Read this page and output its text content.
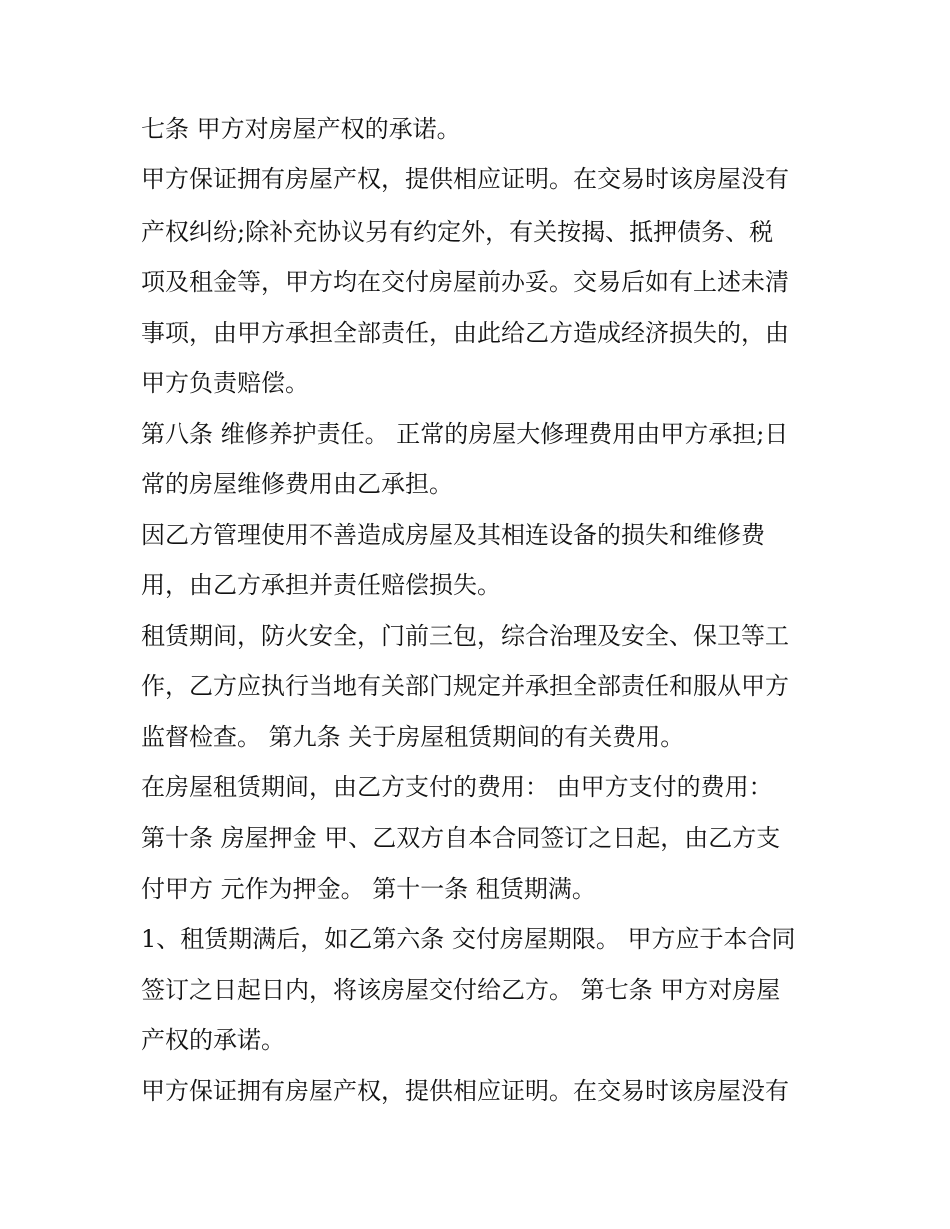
七条 甲方对房屋产权的承诺。
甲方保证拥有房屋产权，提供相应证明。在交易时该房屋没有
产权纠纷;除补充协议另有约定外，有关按揭、抵押债务、税
项及租金等，甲方均在交付房屋前办妥。交易后如有上述未清
事项，由甲方承担全部责任，由此给乙方造成经济损失的，由
甲方负责赔偿。
第八条 维修养护责任。 正常的房屋大修理费用由甲方承担;日
常的房屋维修费用由乙承担。
因乙方管理使用不善造成房屋及其相连设备的损失和维修费
用，由乙方承担并责任赔偿损失。
租赁期间，防火安全，门前三包，综合治理及安全、保卫等工
作，乙方应执行当地有关部门规定并承担全部责任和服从甲方
监督检查。 第九条 关于房屋租赁期间的有关费用。
在房屋租赁期间，由乙方支付的费用： 由甲方支付的费用：
第十条 房屋押金 甲、乙双方自本合同签订之日起，由乙方支
付甲方 元作为押金。 第十一条 租赁期满。
1、租赁期满后，如乙第六条 交付房屋期限。 甲方应于本合同
签订之日起日内，将该房屋交付给乙方。 第七条 甲方对房屋
产权的承诺。
甲方保证拥有房屋产权，提供相应证明。在交易时该房屋没有
